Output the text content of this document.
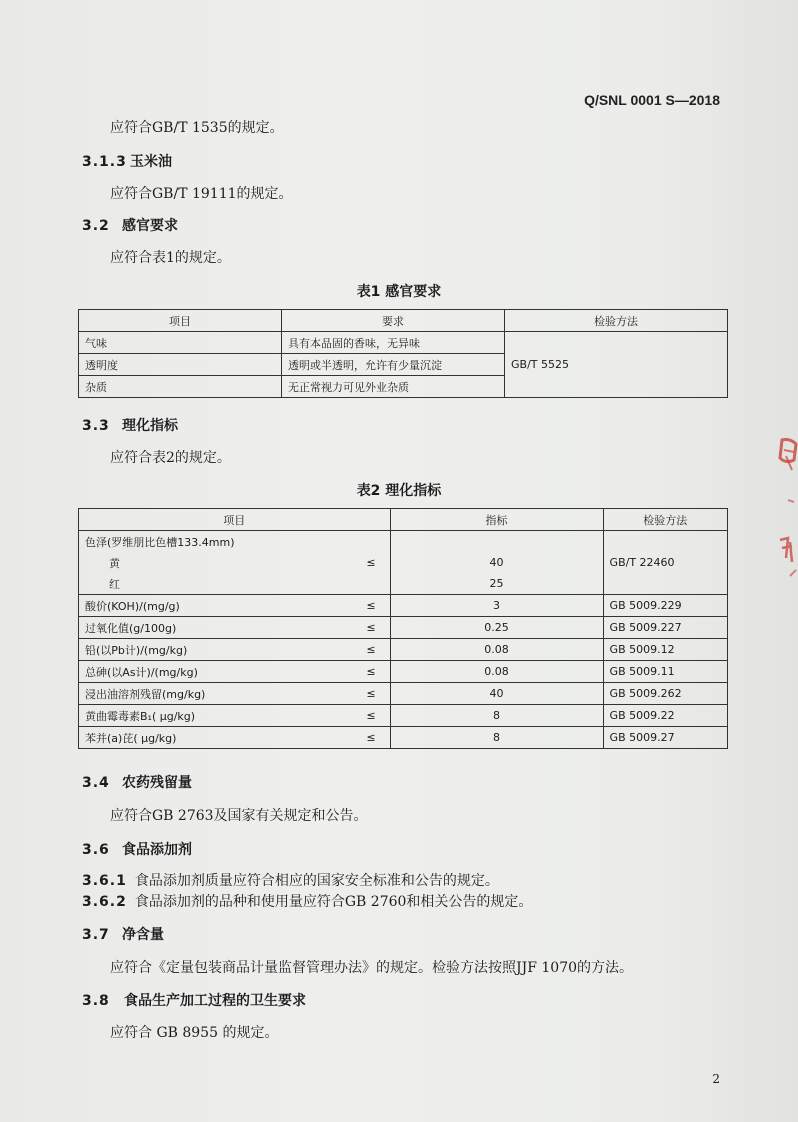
Q/SNL 0001 S—2018
应符合GB/T 1535的规定。
3.1.3 玉米油
应符合GB/T 19111的规定。
3.2 感官要求
应符合表1的规定。
表1 感官要求
项目	要求	检验方法
气味	具有本品固的香味，无异味	GB/T 5525
透明度	透明或半透明，允许有少量沉淀	
杂质	无正常视力可见外业杂质	
3.3 理化指标
应符合表2的规定。
表2 理化指标
项目		指标	检验方法
色泽(罗维朋比色槽133.4mm)			GB/T 22460
黄	≤	40	
红		25	
酸价(KOH)/(mg/g)	≤	3	GB 5009.229
过氧化值(g/100g)	≤	0.25	GB 5009.227
铅(以Pb计)/(mg/kg)	≤	0.08	GB 5009.12
总砷(以As计)/(mg/kg)	≤	0.08	GB 5009.11
浸出油溶剂残留(mg/kg)	≤	40	GB 5009.262
黄曲霉毒素B₁( μg/kg)	≤	8	GB 5009.22
苯并(a)芘( μg/kg)	≤	8	GB 5009.27
3.4 农药残留量
应符合GB 2763及国家有关规定和公告。
3.6 食品添加剂
3.6.1 食品添加剂质量应符合相应的国家安全标准和公告的规定。
3.6.2 食品添加剂的品种和使用量应符合GB 2760和相关公告的规定。
3.7 净含量
应符合《定量包装商品计量监督管理办法》的规定。检验方法按照JJF 1070的方法。
3.8 食品生产加工过程的卫生要求
应符合 GB 8955 的规定。
2
